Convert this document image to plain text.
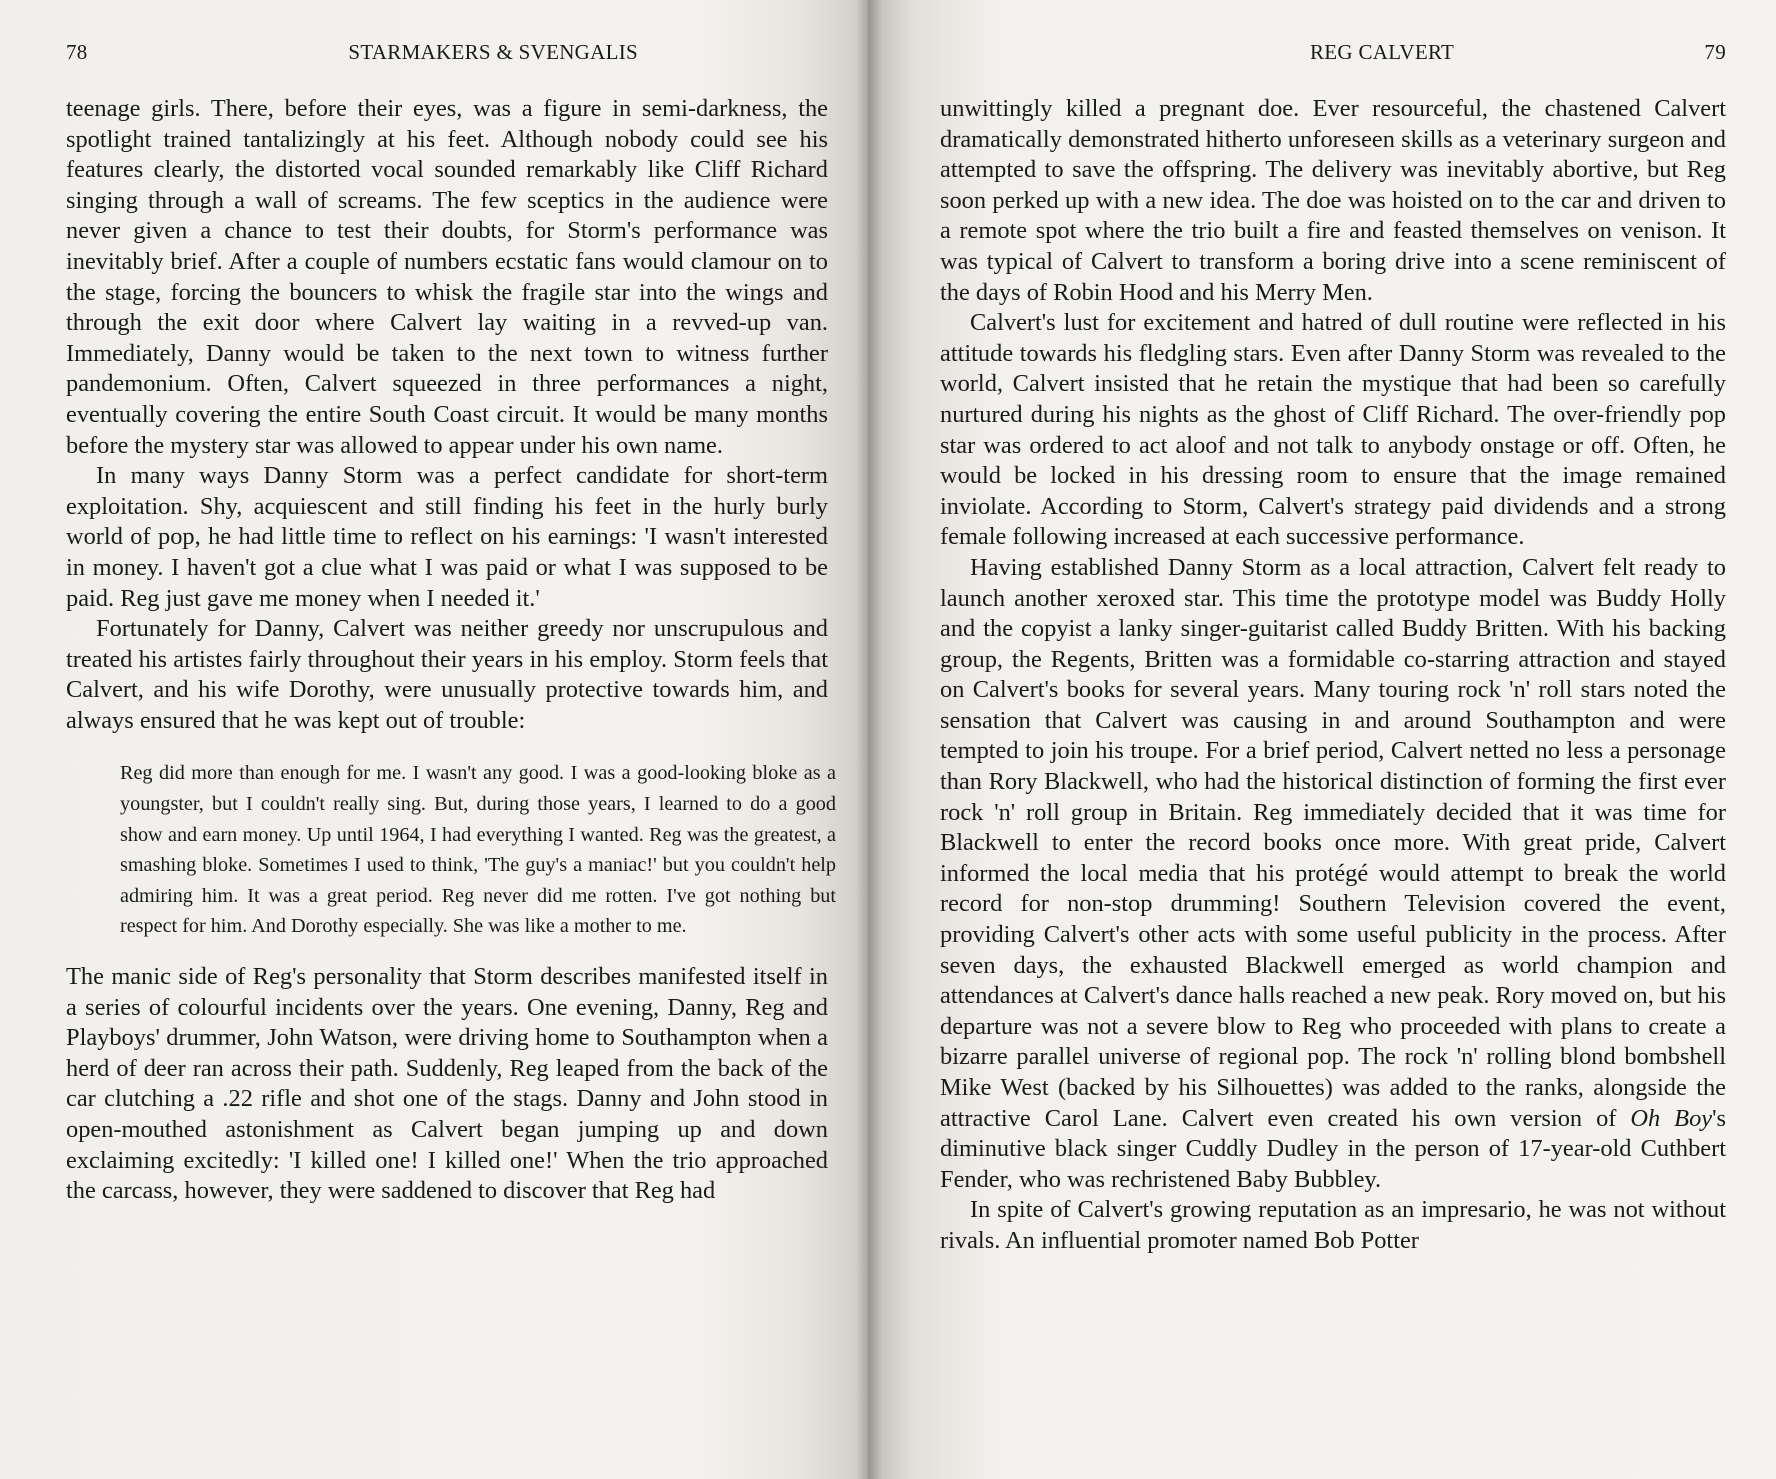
78	STARMAKERS & SVENGALIS

teenage girls. There, before their eyes, was a figure in semi-darkness, the spotlight trained tantalizingly at his feet. Although nobody could see his features clearly, the distorted vocal sounded remarkably like Cliff Richard singing through a wall of screams. The few sceptics in the audience were never given a chance to test their doubts, for Storm's performance was inevitably brief. After a couple of numbers ecstatic fans would clamour on to the stage, forcing the bouncers to whisk the fragile star into the wings and through the exit door where Calvert lay waiting in a revved-up van. Immediately, Danny would be taken to the next town to witness further pandemonium. Often, Calvert squeezed in three performances a night, eventually covering the entire South Coast circuit. It would be many months before the mystery star was allowed to appear under his own name.

In many ways Danny Storm was a perfect candidate for short-term exploitation. Shy, acquiescent and still finding his feet in the hurly burly world of pop, he had little time to reflect on his earnings: 'I wasn't interested in money. I haven't got a clue what I was paid or what I was supposed to be paid. Reg just gave me money when I needed it.'

Fortunately for Danny, Calvert was neither greedy nor unscrupulous and treated his artistes fairly throughout their years in his employ. Storm feels that Calvert, and his wife Dorothy, were unusually protective towards him, and always ensured that he was kept out of trouble:

Reg did more than enough for me. I wasn't any good. I was a good-looking bloke as a youngster, but I couldn't really sing. But, during those years, I learned to do a good show and earn money. Up until 1964, I had everything I wanted. Reg was the greatest, a smashing bloke. Sometimes I used to think, 'The guy's a maniac!' but you couldn't help admiring him. It was a great period. Reg never did me rotten. I've got nothing but respect for him. And Dorothy especially. She was like a mother to me.

The manic side of Reg's personality that Storm describes manifested itself in a series of colourful incidents over the years. One evening, Danny, Reg and Playboys' drummer, John Watson, were driving home to Southampton when a herd of deer ran across their path. Suddenly, Reg leaped from the back of the car clutching a .22 rifle and shot one of the stags. Danny and John stood in open-mouthed astonishment as Calvert began jumping up and down exclaiming excitedly: 'I killed one! I killed one!' When the trio approached the carcass, however, they were saddened to discover that Reg had

REG CALVERT	79

unwittingly killed a pregnant doe. Ever resourceful, the chastened Calvert dramatically demonstrated hitherto unforeseen skills as a veterinary surgeon and attempted to save the offspring. The delivery was inevitably abortive, but Reg soon perked up with a new idea. The doe was hoisted on to the car and driven to a remote spot where the trio built a fire and feasted themselves on venison. It was typical of Calvert to transform a boring drive into a scene reminiscent of the days of Robin Hood and his Merry Men.

Calvert's lust for excitement and hatred of dull routine were reflected in his attitude towards his fledgling stars. Even after Danny Storm was revealed to the world, Calvert insisted that he retain the mystique that had been so carefully nurtured during his nights as the ghost of Cliff Richard. The over-friendly pop star was ordered to act aloof and not talk to anybody onstage or off. Often, he would be locked in his dressing room to ensure that the image remained inviolate. According to Storm, Calvert's strategy paid dividends and a strong female following increased at each successive performance.

Having established Danny Storm as a local attraction, Calvert felt ready to launch another xeroxed star. This time the prototype model was Buddy Holly and the copyist a lanky singer-guitarist called Buddy Britten. With his backing group, the Regents, Britten was a formidable co-starring attraction and stayed on Calvert's books for several years. Many touring rock 'n' roll stars noted the sensation that Calvert was causing in and around Southampton and were tempted to join his troupe. For a brief period, Calvert netted no less a personage than Rory Blackwell, who had the historical distinction of forming the first ever rock 'n' roll group in Britain. Reg immediately decided that it was time for Blackwell to enter the record books once more. With great pride, Calvert informed the local media that his protégé would attempt to break the world record for non-stop drumming! Southern Television covered the event, providing Calvert's other acts with some useful publicity in the process. After seven days, the exhausted Blackwell emerged as world champion and attendances at Calvert's dance halls reached a new peak. Rory moved on, but his departure was not a severe blow to Reg who proceeded with plans to create a bizarre parallel universe of regional pop. The rock 'n' rolling blond bombshell Mike West (backed by his Silhouettes) was added to the ranks, alongside the attractive Carol Lane. Calvert even created his own version of Oh Boy's diminutive black singer Cuddly Dudley in the person of 17-year-old Cuthbert Fender, who was rechristened Baby Bubbley.

In spite of Calvert's growing reputation as an impresario, he was not without rivals. An influential promoter named Bob Potter
